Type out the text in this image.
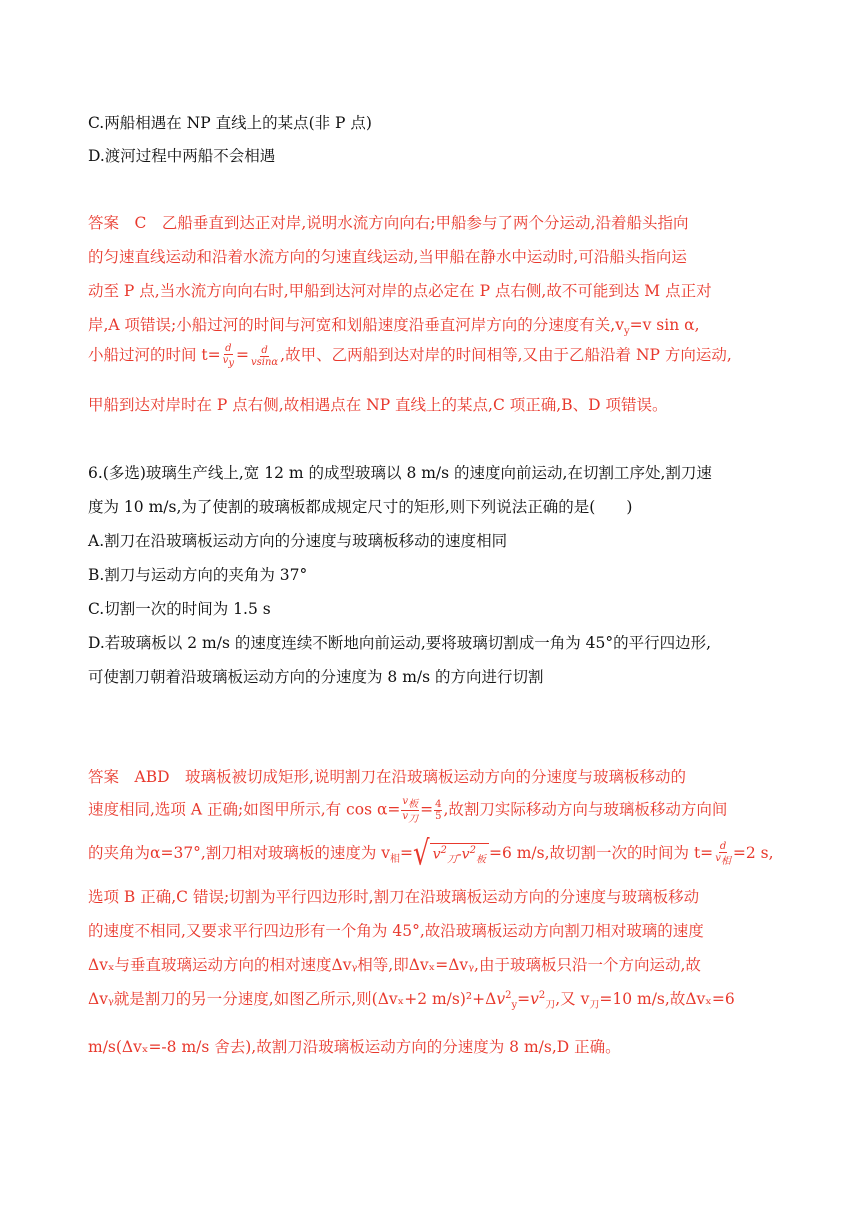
C.两船相遇在 NP 直线上的某点(非 P 点)
D.渡河过程中两船不会相遇
答案　C　乙船垂直到达正对岸,说明水流方向向右;甲船参与了两个分运动,沿着船头指向
的匀速直线运动和沿着水流方向的匀速直线运动,当甲船在静水中运动时,可沿船头指向运
动至 P 点,当水流方向向右时,甲船到达河对岸的点必定在 P 点右侧,故不可能到达 M 点正对
岸,A 项错误;小船过河的时间与河宽和划船速度沿垂直河岸方向的分速度有关$,v_y=v$ sin α,
小船过河的时间 $t= \frac{d}{v_y} = \frac{d}{vsin\alpha}$ ,故甲、乙两船到达对岸的时间相等,又由于乙船沿着 NP 方向运动,
甲船到达对岸时在 P 点右侧,故相遇点在 NP 直线上的某点,C 项正确,B、D 项错误。
6.(多选)玻璃生产线上,宽 12 m 的成型玻璃以 8 m/s 的速度向前运动,在切割工序处,割刀速
度为 10 m/s,为了使割的玻璃板都成规定尺寸的矩形,则下列说法正确的是(　　)
A.割刀在沿玻璃板运动方向的分速度与玻璃板移动的速度相同
B.割刀与运动方向的夹角为 37°
C.切割一次的时间为 1.5 s
D.若玻璃板以 2 m/s 的速度连续不断地向前运动,要将玻璃切割成一角为 45°的平行四边形,
可使割刀朝着沿玻璃板运动方向的分速度为 8 m/s 的方向进行切割
答案　ABD　玻璃板被切成矩形,说明割刀在沿玻璃板运动方向的分速度与玻璃板移动的
速度相同,选项 A 正确;如图甲所示,有 $\cos \alpha= \frac{v_板}{v_刀} = \frac{4}{5}$ ,故割刀实际移动方向与玻璃板移动方向间
的夹角为α=37°,割刀相对玻璃板的速度为 $v_相=$ √ $v^2_刀-v^2_板 =6$ m/s,故切割一次的时间为 $t= \frac{d}{v_相} =2$ s,
选项 B 正确,C 错误;切割为平行四边形时,割刀在沿玻璃板运动方向的分速度与玻璃板移动
的速度不相同,又要求平行四边形有一个角为 45°,故沿玻璃板运动方向割刀相对玻璃的速度
Δvₓ与垂直玻璃运动方向的相对速度Δvᵧ相等,即Δvₓ=Δvᵧ,由于玻璃板只沿一个方向运动,故
Δvᵧ就是割刀的另一分速度,如图乙所示,则(Δvₓ+2 $m/s)^2+\Delta v^2_y=v^2_刀$,又 $v_刀=10$ m/s,故Δvₓ=6
m/s(Δvₓ=-8 m/s 舍去),故割刀沿玻璃板运动方向的分速度为 8 m/s,D 正确。
